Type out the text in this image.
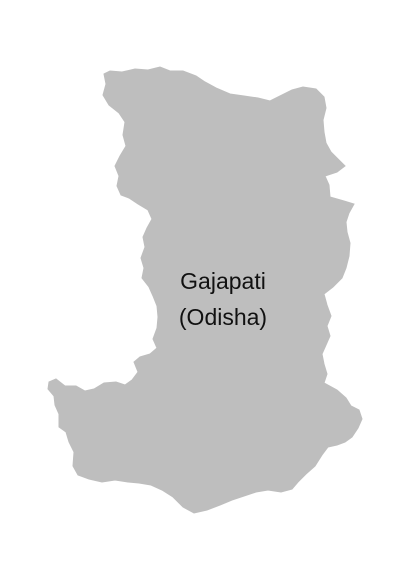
Gajapati
(Odisha)
